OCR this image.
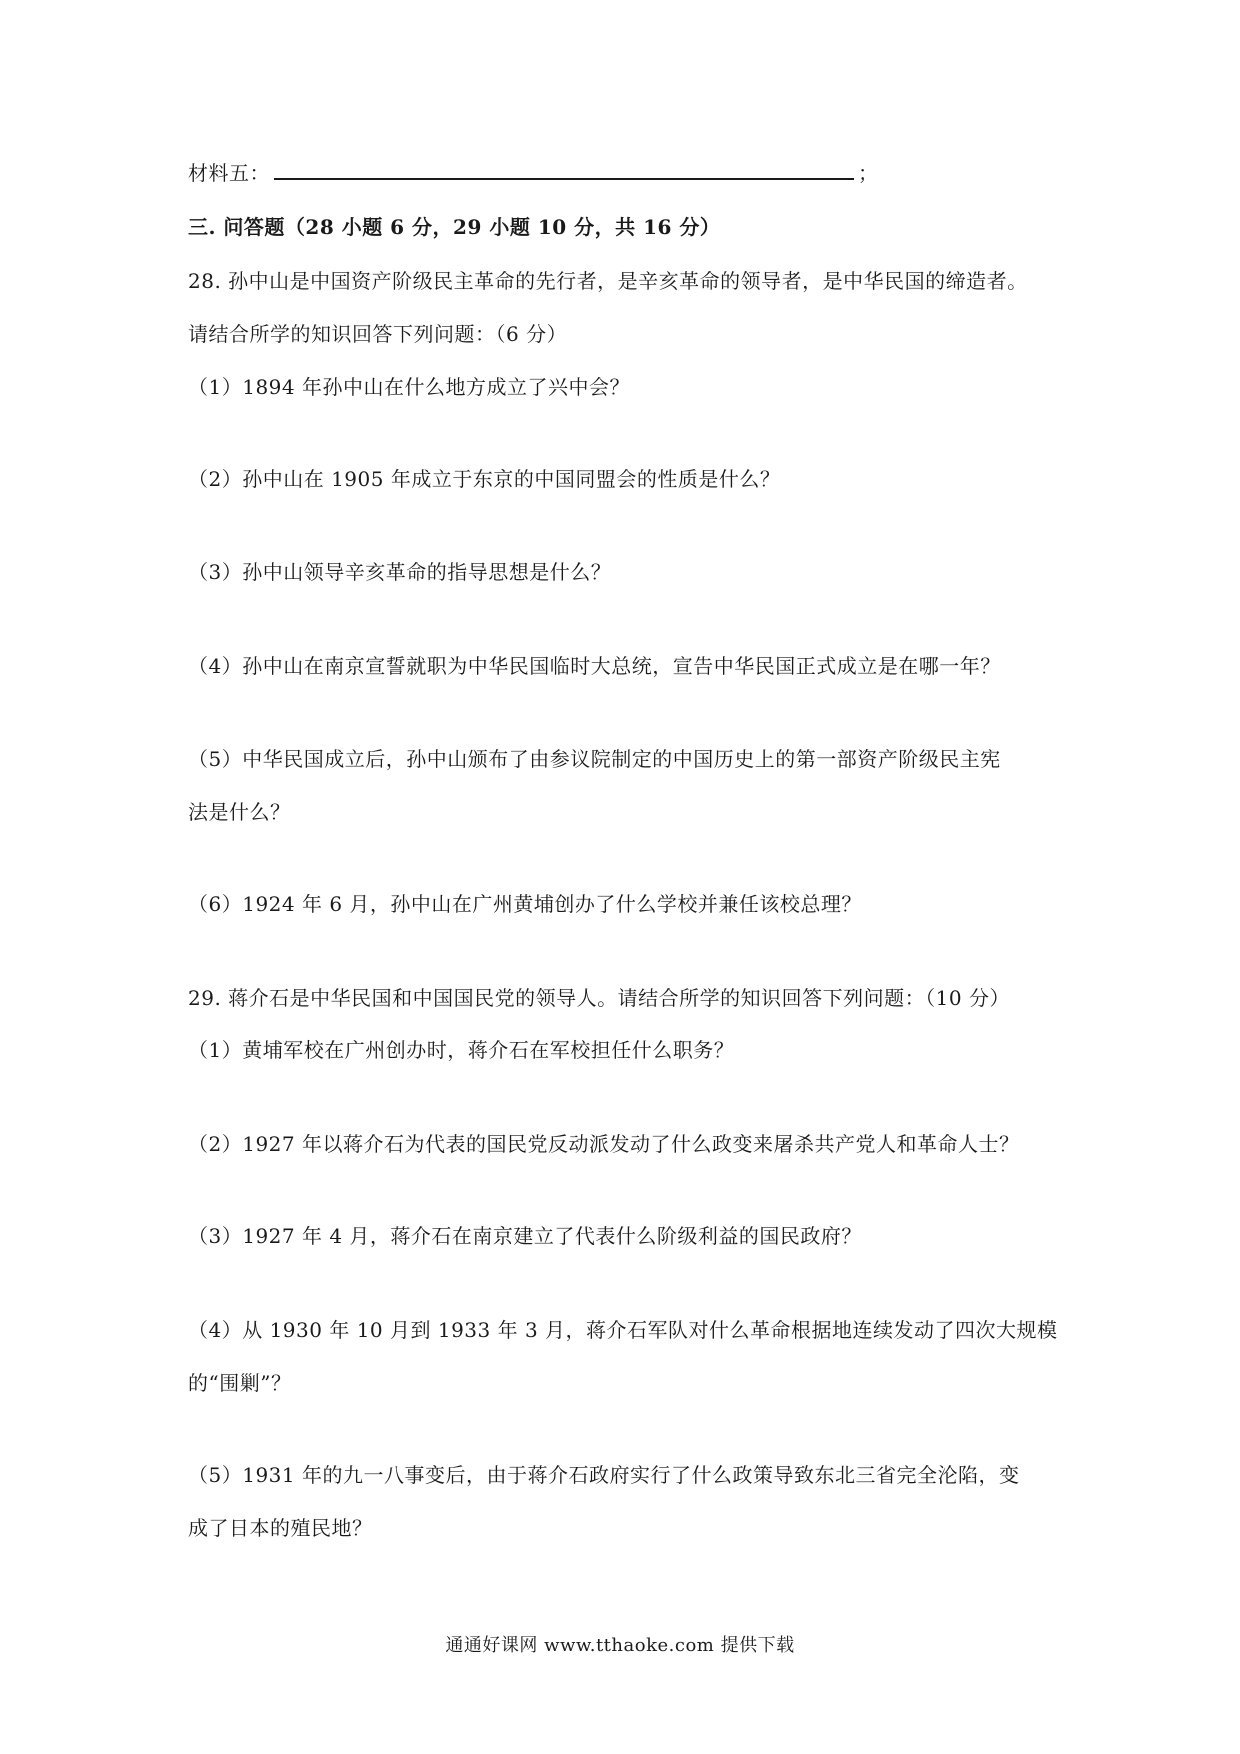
材料五：	；
三. 问答题（28 小题 6 分，29 小题 10 分，共 16 分）
28. 孙中山是中国资产阶级民主革命的先行者，是辛亥革命的领导者，是中华民国的缔造者。
请结合所学的知识回答下列问题：（6 分）
（1）1894 年孙中山在什么地方成立了兴中会？
（2）孙中山在 1905 年成立于东京的中国同盟会的性质是什么？
（3）孙中山领导辛亥革命的指导思想是什么？
（4）孙中山在南京宣誓就职为中华民国临时大总统，宣告中华民国正式成立是在哪一年？
（5）中华民国成立后，孙中山颁布了由参议院制定的中国历史上的第一部资产阶级民主宪
法是什么？
（6）1924 年 6 月，孙中山在广州黄埔创办了什么学校并兼任该校总理？
29. 蒋介石是中华民国和中国国民党的领导人。请结合所学的知识回答下列问题：（10 分）
（1）黄埔军校在广州创办时，蒋介石在军校担任什么职务？
（2）1927 年以蒋介石为代表的国民党反动派发动了什么政变来屠杀共产党人和革命人士？
（3）1927 年 4 月，蒋介石在南京建立了代表什么阶级利益的国民政府？
（4）从 1930 年 10 月到 1933 年 3 月，蒋介石军队对什么革命根据地连续发动了四次大规模
的“围剿”？
（5）1931 年的九一八事变后，由于蒋介石政府实行了什么政策导致东北三省完全沦陷，变
成了日本的殖民地？
通通好课网 www.tthaoke.com 提供下载
